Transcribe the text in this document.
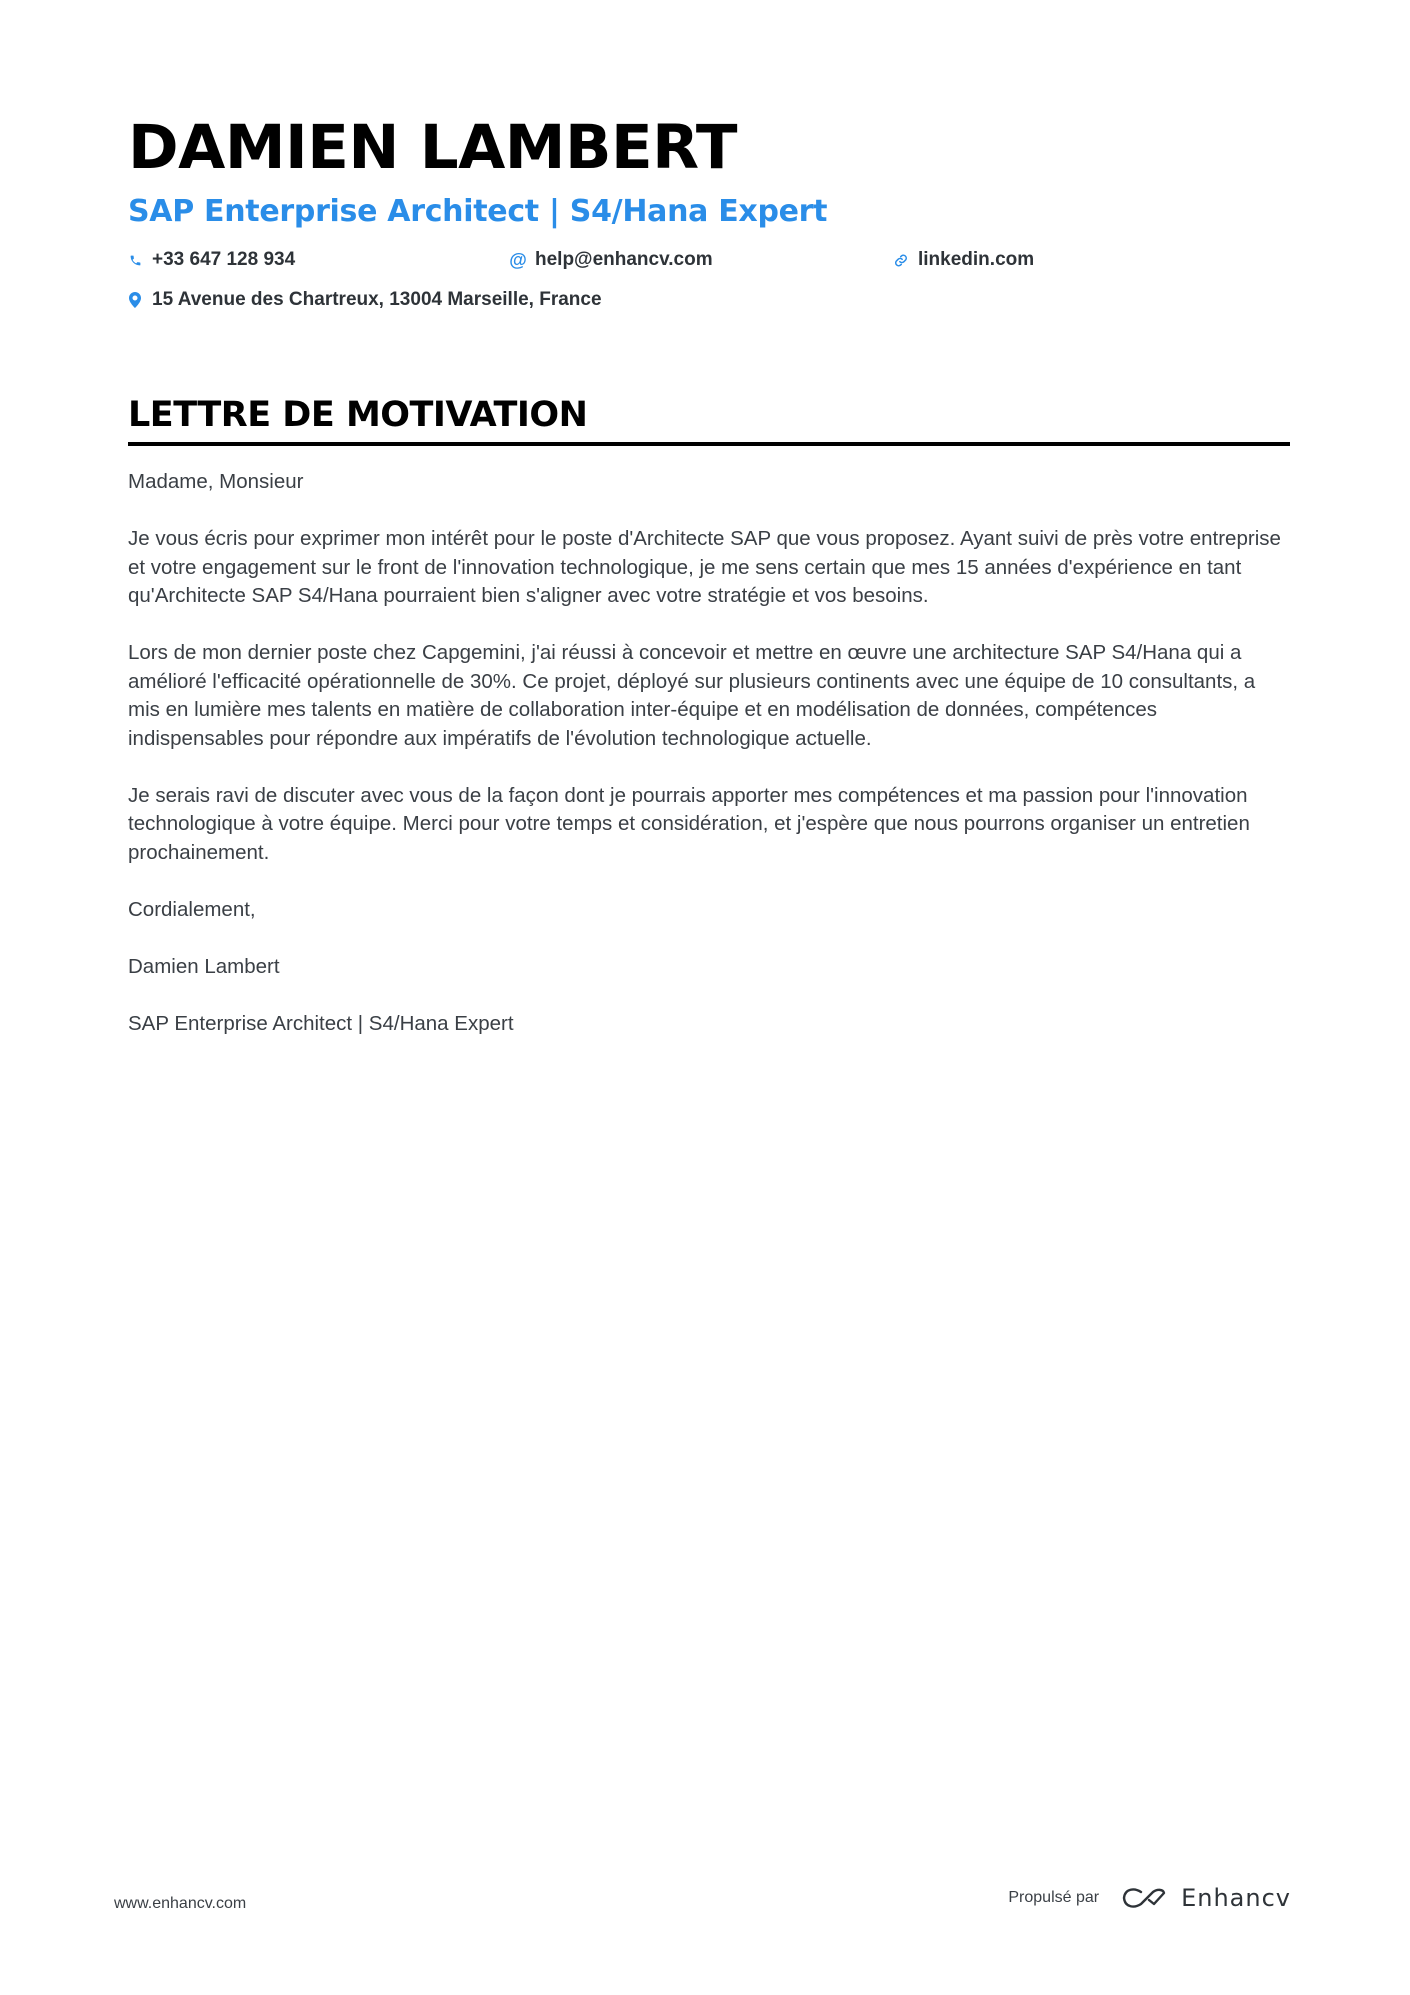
DAMIEN LAMBERT
SAP Enterprise Architect | S4/Hana Expert
+33 647 128 934	@ help@enhancv.com	linkedin.com
15 Avenue des Chartreux, 13004 Marseille, France
LETTRE DE MOTIVATION

Madame, Monsieur

Je vous écris pour exprimer mon intérêt pour le poste d'Architecte SAP que vous proposez. Ayant suivi de près votre entreprise et votre engagement sur le front de l'innovation technologique, je me sens certain que mes 15 années d'expérience en tant qu'Architecte SAP S4/Hana pourraient bien s'aligner avec votre stratégie et vos besoins.

Lors de mon dernier poste chez Capgemini, j'ai réussi à concevoir et mettre en œuvre une architecture SAP S4/Hana qui a amélioré l'efficacité opérationnelle de 30%. Ce projet, déployé sur plusieurs continents avec une équipe de 10 consultants, a mis en lumière mes talents en matière de collaboration inter-équipe et en modélisation de données, compétences indispensables pour répondre aux impératifs de l'évolution technologique actuelle.

Je serais ravi de discuter avec vous de la façon dont je pourrais apporter mes compétences et ma passion pour l'innovation technologique à votre équipe. Merci pour votre temps et considération, et j'espère que nous pourrons organiser un entretien prochainement.

Cordialement,

Damien Lambert

SAP Enterprise Architect | S4/Hana Expert

www.enhancv.com	Propulsé par	Enhancv
